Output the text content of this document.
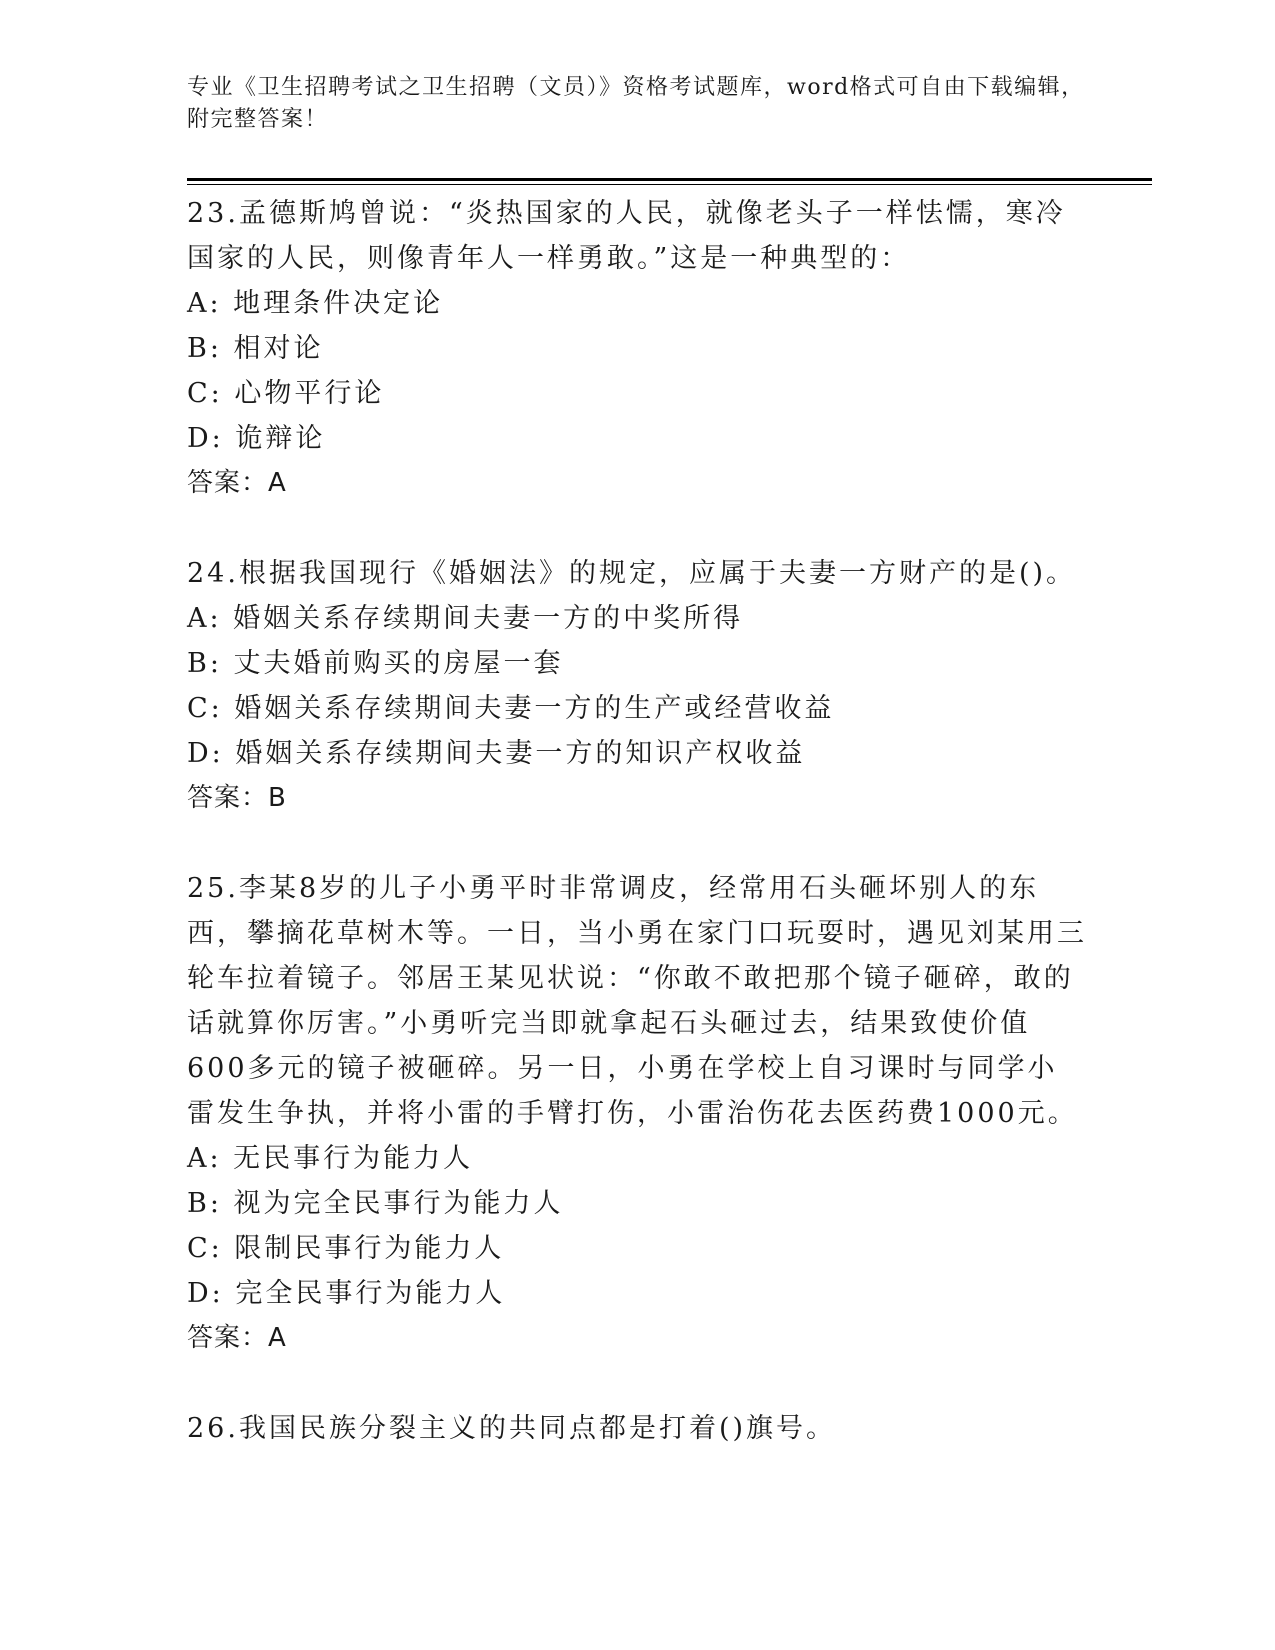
专业《卫生招聘考试之卫生招聘（文员）》资格考试题库，word格式可自由下载编辑，附完整答案！

23.孟德斯鸠曾说：“炎热国家的人民，就像老头子一样怯懦，寒冷国家的人民，则像青年人一样勇敢。”这是一种典型的：

A: 地理条件决定论

B: 相对论

C: 心物平行论

D: 诡辩论

答案：A

24.根据我国现行《婚姻法》的规定，应属于夫妻一方财产的是()。

A: 婚姻关系存续期间夫妻一方的中奖所得

B: 丈夫婚前购买的房屋一套

C: 婚姻关系存续期间夫妻一方的生产或经营收益

D: 婚姻关系存续期间夫妻一方的知识产权收益

答案：B

25.李某8岁的儿子小勇平时非常调皮，经常用石头砸坏别人的东西，攀摘花草树木等。一日，当小勇在家门口玩耍时，遇见刘某用三轮车拉着镜子。邻居王某见状说：“你敢不敢把那个镜子砸碎，敢的话就算你厉害。”小勇听完当即就拿起石头砸过去，结果致使价值600多元的镜子被砸碎。另一日，小勇在学校上自习课时与同学小雷发生争执，并将小雷的手臂打伤，小雷治伤花去医药费1000元。

A: 无民事行为能力人

B: 视为完全民事行为能力人

C: 限制民事行为能力人

D: 完全民事行为能力人

答案：A

26.我国民族分裂主义的共同点都是打着()旗号。
